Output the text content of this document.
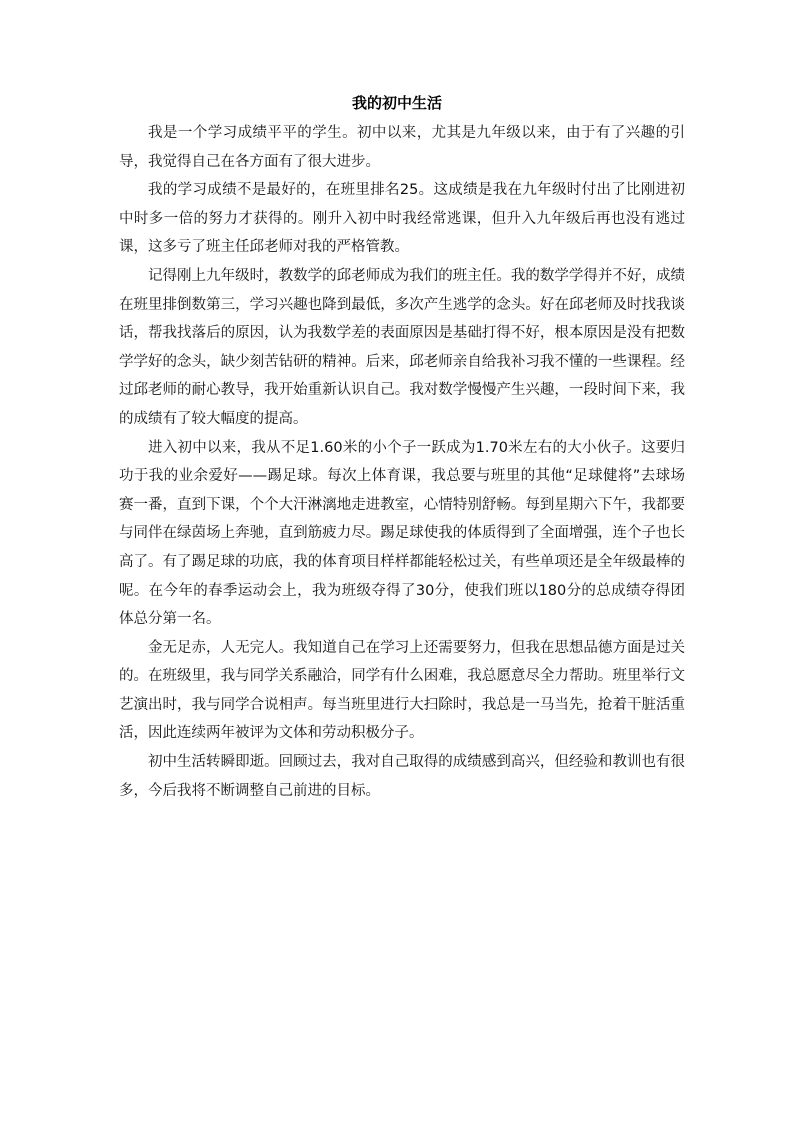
我的初中生活

我是一个学习成绩平平的学生。初中以来，尤其是九年级以来，由于有了兴趣的引导，我觉得自己在各方面有了很大进步。

我的学习成绩不是最好的，在班里排名25。这成绩是我在九年级时付出了比刚进初中时多一倍的努力才获得的。刚升入初中时我经常逃课，但升入九年级后再也没有逃过课，这多亏了班主任邱老师对我的严格管教。

记得刚上九年级时，教数学的邱老师成为我们的班主任。我的数学学得并不好，成绩在班里排倒数第三，学习兴趣也降到最低，多次产生逃学的念头。好在邱老师及时找我谈话，帮我找落后的原因，认为我数学差的表面原因是基础打得不好，根本原因是没有把数学学好的念头，缺少刻苦钻研的精神。后来，邱老师亲自给我补习我不懂的一些课程。经过邱老师的耐心教导，我开始重新认识自己。我对数学慢慢产生兴趣，一段时间下来，我的成绩有了较大幅度的提高。

进入初中以来，我从不足1.60米的小个子一跃成为1.70米左右的大小伙子。这要归功于我的业余爱好——踢足球。每次上体育课，我总要与班里的其他“足球健将”去球场赛一番，直到下课，个个大汗淋漓地走进教室，心情特别舒畅。每到星期六下午，我都要与同伴在绿茵场上奔驰，直到筋疲力尽。踢足球使我的体质得到了全面增强，连个子也长高了。有了踢足球的功底，我的体育项目样样都能轻松过关，有些单项还是全年级最棒的呢。在今年的春季运动会上，我为班级夺得了30分，使我们班以180分的总成绩夺得团体总分第一名。

金无足赤，人无完人。我知道自己在学习上还需要努力，但我在思想品德方面是过关的。在班级里，我与同学关系融洽，同学有什么困难，我总愿意尽全力帮助。班里举行文艺演出时，我与同学合说相声。每当班里进行大扫除时，我总是一马当先，抢着干脏活重活，因此连续两年被评为文体和劳动积极分子。

初中生活转瞬即逝。回顾过去，我对自己取得的成绩感到高兴，但经验和教训也有很多，今后我将不断调整自己前进的目标。
